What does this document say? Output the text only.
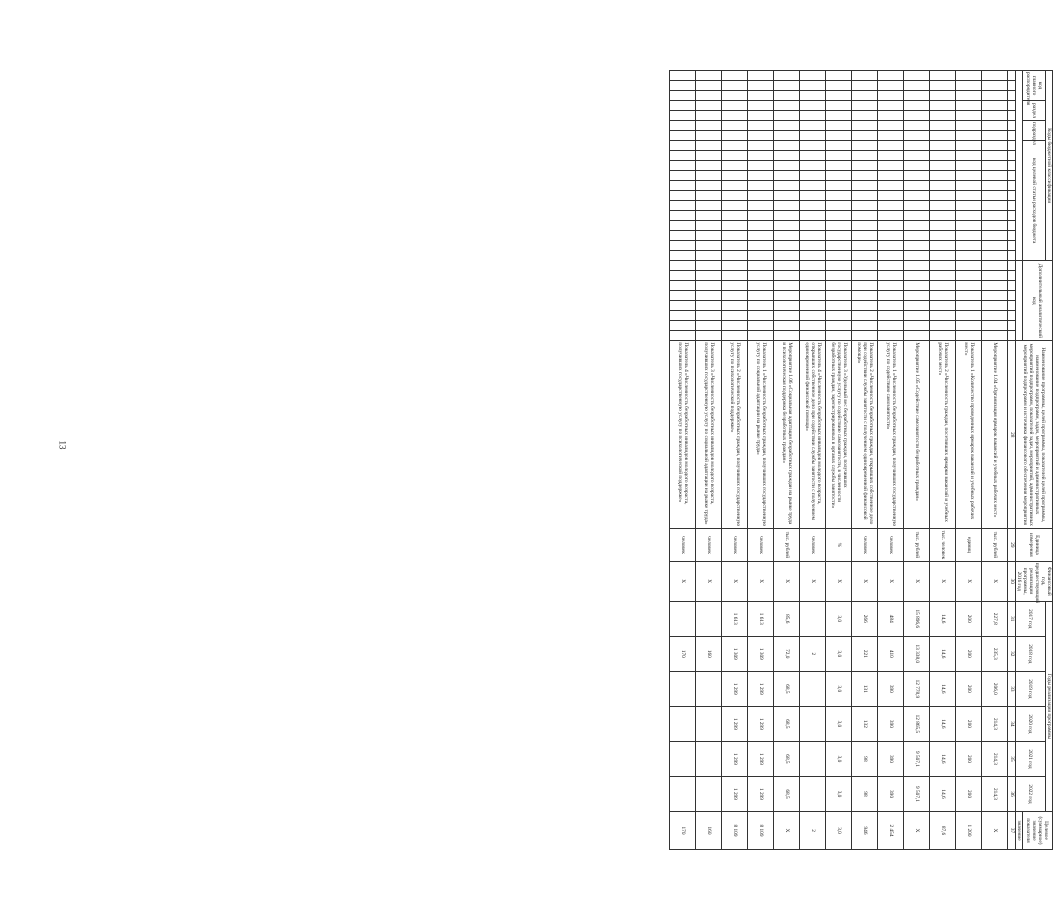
13
Коды бюджетной классификации																			Дополнительный аналитический код								Наименование программы, целей программы, показателей целей программы, наименование подпрограмм, задач, мероприятий и административных мероприятий подпрограмм, показателей задач, мероприятий, административных мероприятий подпрограмм и источника финансового обеспечения мероприятия	Единица измерения	Финансовый год, предшествующий реализации программы, 2016 год	Годы реализации программы						Целевое (суммарное) значение показателя
код главного распорядителя			раздел		подраздел		код целевой статьи расходов бюджета																							2017 год	2018 год	2019 год	2020 год	2021 год	2022 год	
																																				значение
																											28	29	30	31	32	33	34	35	36	37
																											Мероприятие 1.04 «Организация ярмарок вакансий и учебных рабочих мест»	тыс. рублей	X	227,8	235,3	206,0	214,3	214,3	214,3	X
																											Показатель 1 «Количество проведенных ярмарок вакансий и учебных рабочих мест»	единиц	X	200	200	200	200	200	200	1 200
																											Показатель 2 «Численность граждан, посетивших ярмарки вакансий и учебных рабочих мест»	тыс. человек	X	14,6	14,6	14,6	14,6	14,6	14,6	87,6
																											Мероприятие 1.05 «Содействие самозанятости безработных граждан»	тыс. рублей	X	15 896,6	13 338,0	12 778,9	12 865,5	9 507,1	9 507,1	X
																											Показатель 1 «Численность безработных граждан, получивших государственную услугу по содействию самозанятости»	человек	X	484	410	390	390	390	390	2 454
																											Показатель 2 «Численность безработных граждан, открывших собственное дело при содействии службы занятости с получением единовременной финансовой помощи»	человек	X	266	221	131	132	98	98	946
																											Показатель 3 «Удельный вес безработных граждан, получивших государственную услугу по содействию самозанятости, в численности безработных граждан, зарегистрированных в органах службы занятости»	%	X	3,0	3,0	3,0	3,0	3,0	3,0	3,0
																											Показатель 4 «Численность безработных инвалидов молодого возраста, открывших собственное дело при содействии службы занятости с получением единовременной финансовой помощи»	человек	X		2					2
																											Мероприятие 1.06 «Социальная адаптация безработных граждан на рынке труда и психологическая поддержка безработных граждан»	тыс. рублей	X	85,6	72,0	68,5	68,5	68,5	68,5	X
																											Показатель 1 «Численность безработных граждан, получивших государственную услугу по социальной адаптации на рынке труда»	человек	X	1 613	1 309	1 299	1 299	1 299	1 299	8 109
																											Показатель 2 «Численность безработных граждан, получивших государственную услугу по психологической поддержке»	человек	X	1 613	1 309	1 299	1 299	1 299	1 299	8 109
																											Показатель 3 «Численность безработных инвалидов молодого возраста, получивших государственную услугу по социальной адаптации на рынке труда»	человек	X		160					160
																											Показатель 4 «Численность безработных инвалидов молодого возраста, получивших государственную услугу по психологической поддержке»	человек	X		170					170
